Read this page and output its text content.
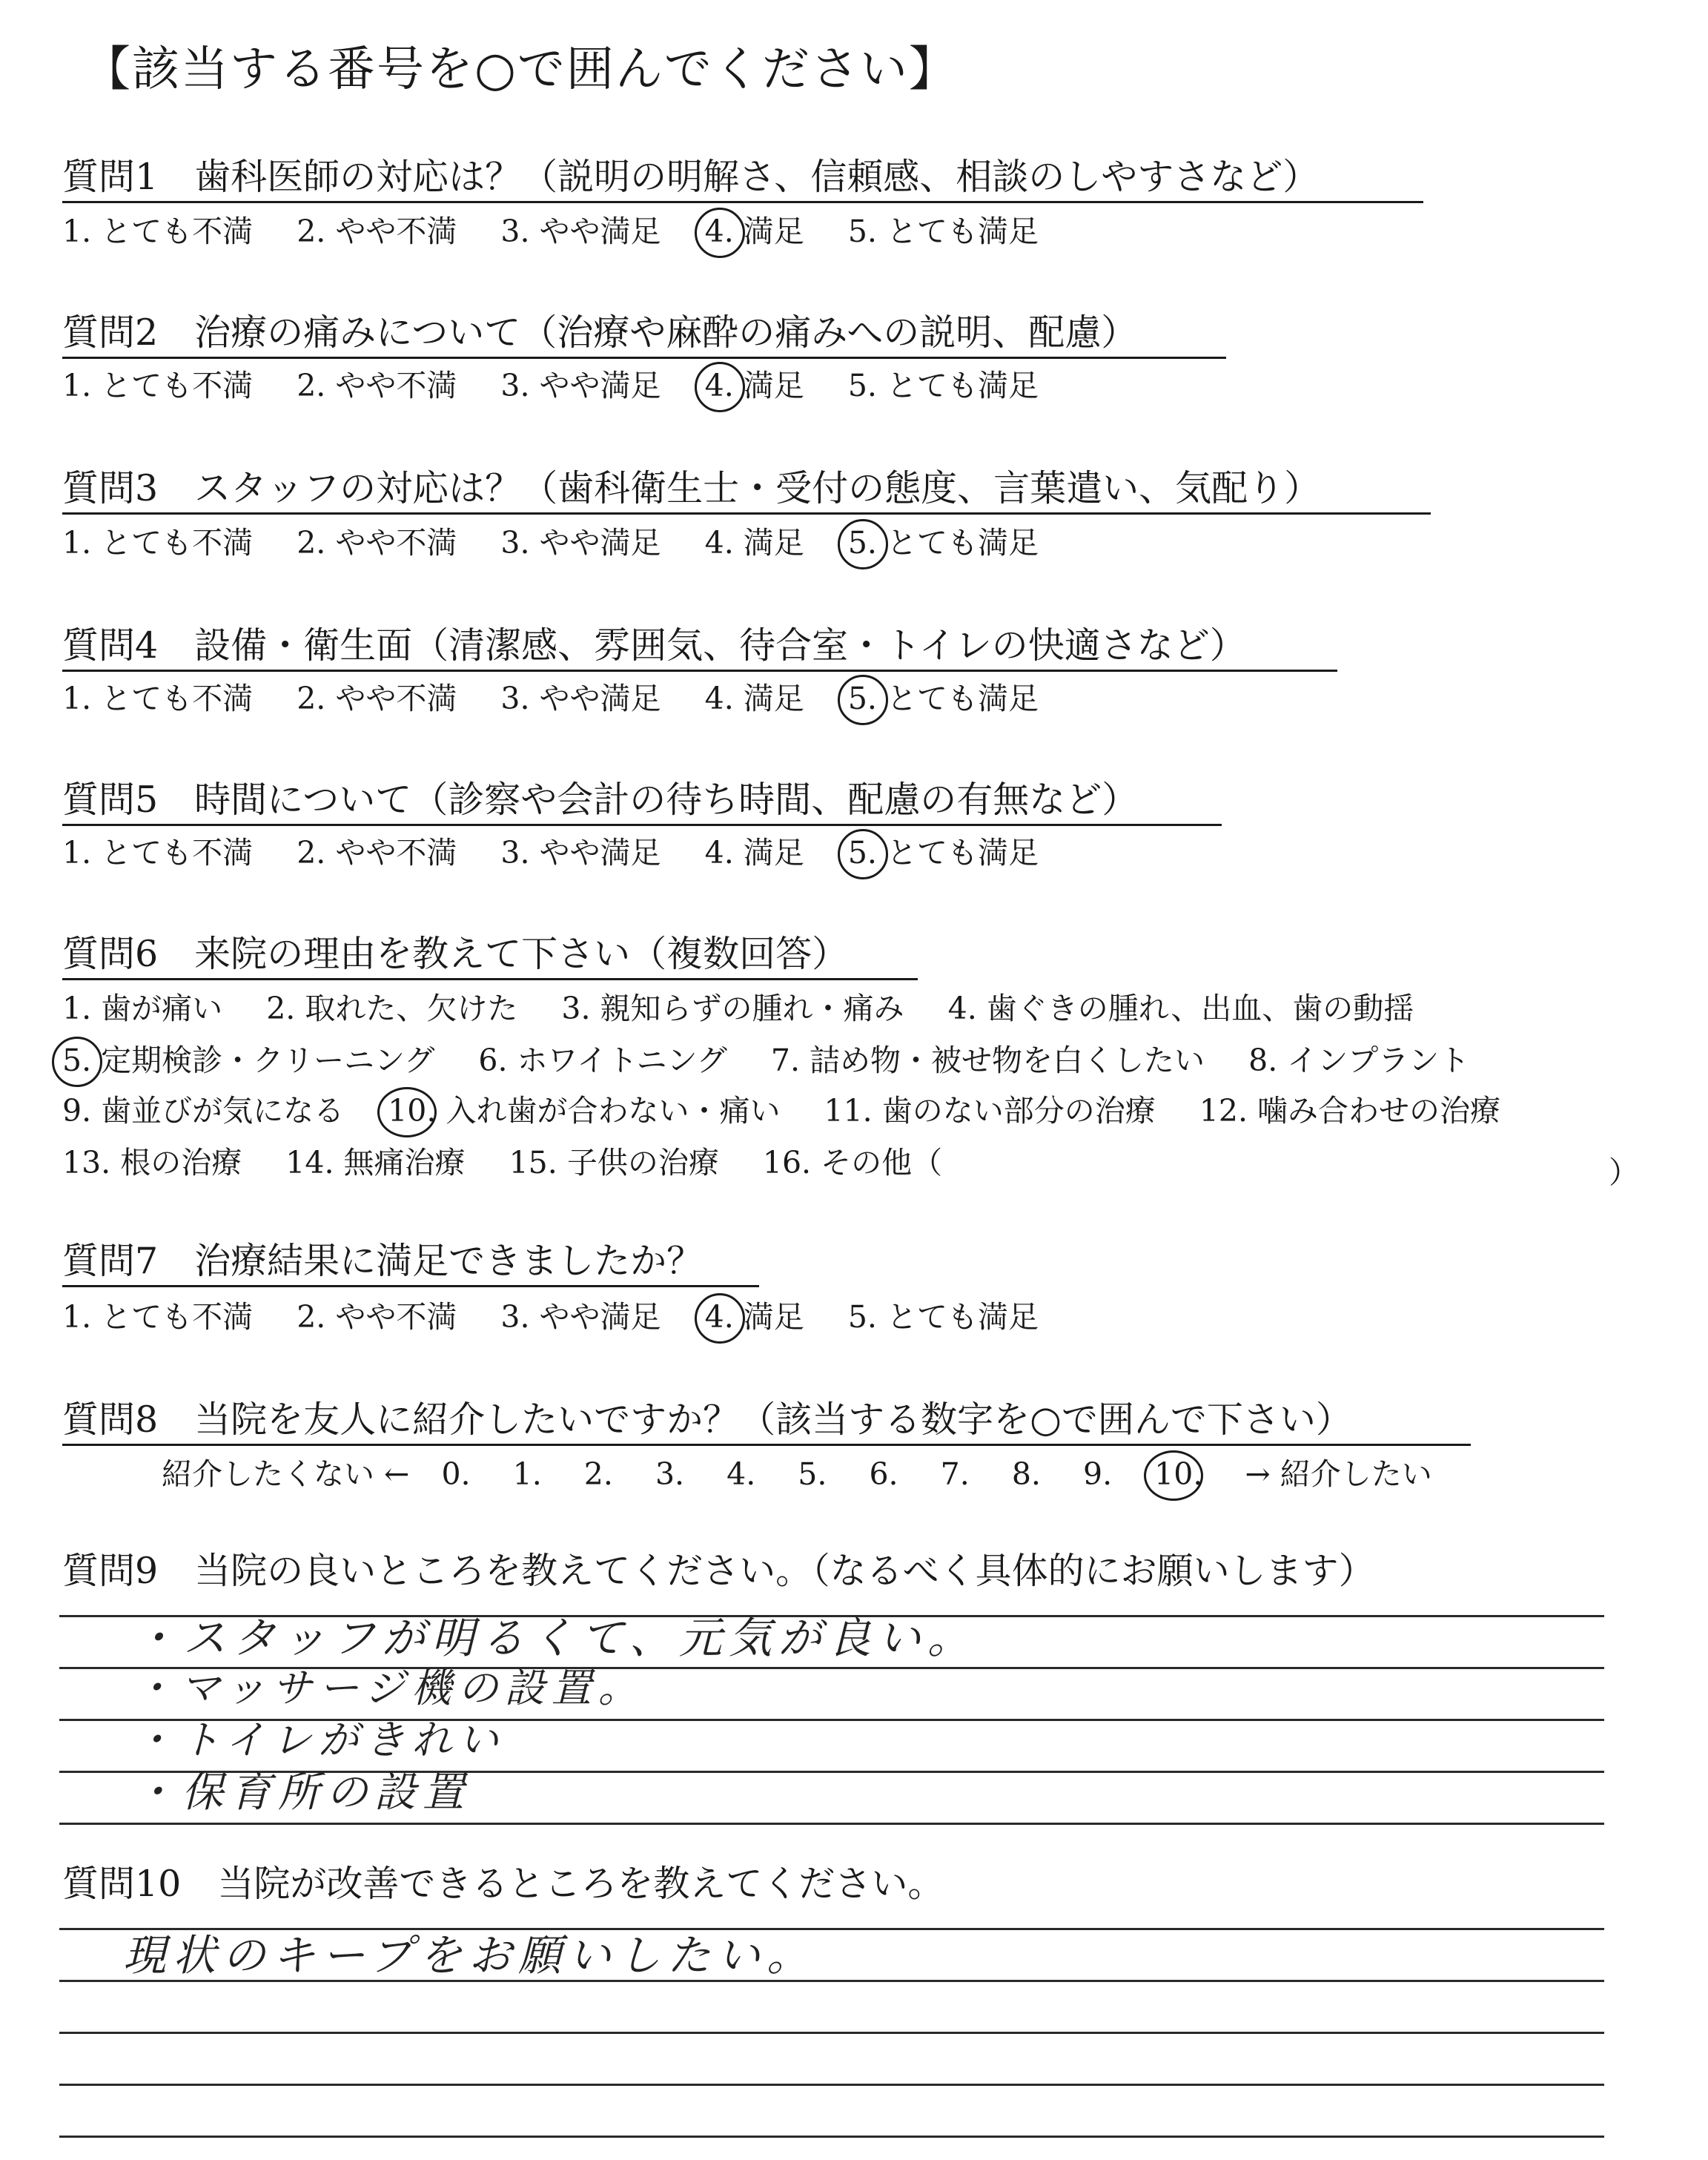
【該当する番号を○で囲んでください】
質問1　歯科医師の対応は？（説明の明解さ、信頼感、相談のしやすさなど）
1. とても不満 2. やや不満 3. やや満足 4. 満足 5. とても満足
質問2　治療の痛みについて（治療や麻酔の痛みへの説明、配慮）
1. とても不満 2. やや不満 3. やや満足 4. 満足 5. とても満足
質問3　スタッフの対応は？（歯科衛生士・受付の態度、言葉遣い、気配り）
1. とても不満 2. やや不満 3. やや満足 4. 満足 5. とても満足
質問4　設備・衛生面（清潔感、雰囲気、待合室・トイレの快適さなど）
1. とても不満 2. やや不満 3. やや満足 4. 満足 5. とても満足
質問5　時間について（診察や会計の待ち時間、配慮の有無など）
1. とても不満 2. やや不満 3. やや満足 4. 満足 5. とても満足
質問6　来院の理由を教えて下さい（複数回答）
1. 歯が痛い 2. 取れた、欠けた 3. 親知らずの腫れ・痛み 4. 歯ぐきの腫れ、出血、歯の動揺
5. 定期検診・クリーニング 6. ホワイトニング 7. 詰め物・被せ物を白くしたい 8. インプラント
9. 歯並びが気になる 10. 入れ歯が合わない・痛い 11. 歯のない部分の治療 12. 噛み合わせの治療
13. 根の治療 14. 無痛治療 15. 子供の治療 16. その他（	）
質問7　治療結果に満足できましたか？
1. とても不満 2. やや不満 3. やや満足 4. 満足 5. とても満足
質問8　当院を友人に紹介したいですか？（該当する数字を○で囲んで下さい）
紹介したくない ← 0. 1. 2. 3. 4. 5. 6. 7. 8. 9. 10. → 紹介したい
質問9　当院の良いところを教えてください。（なるべく具体的にお願いします）
・スタッフが明るくて、元気が良い。
・マッサージ機の設置。
・トイレがきれい
・保育所の設置
質問10　当院が改善できるところを教えてください。
現状のキープをお願いしたい。
